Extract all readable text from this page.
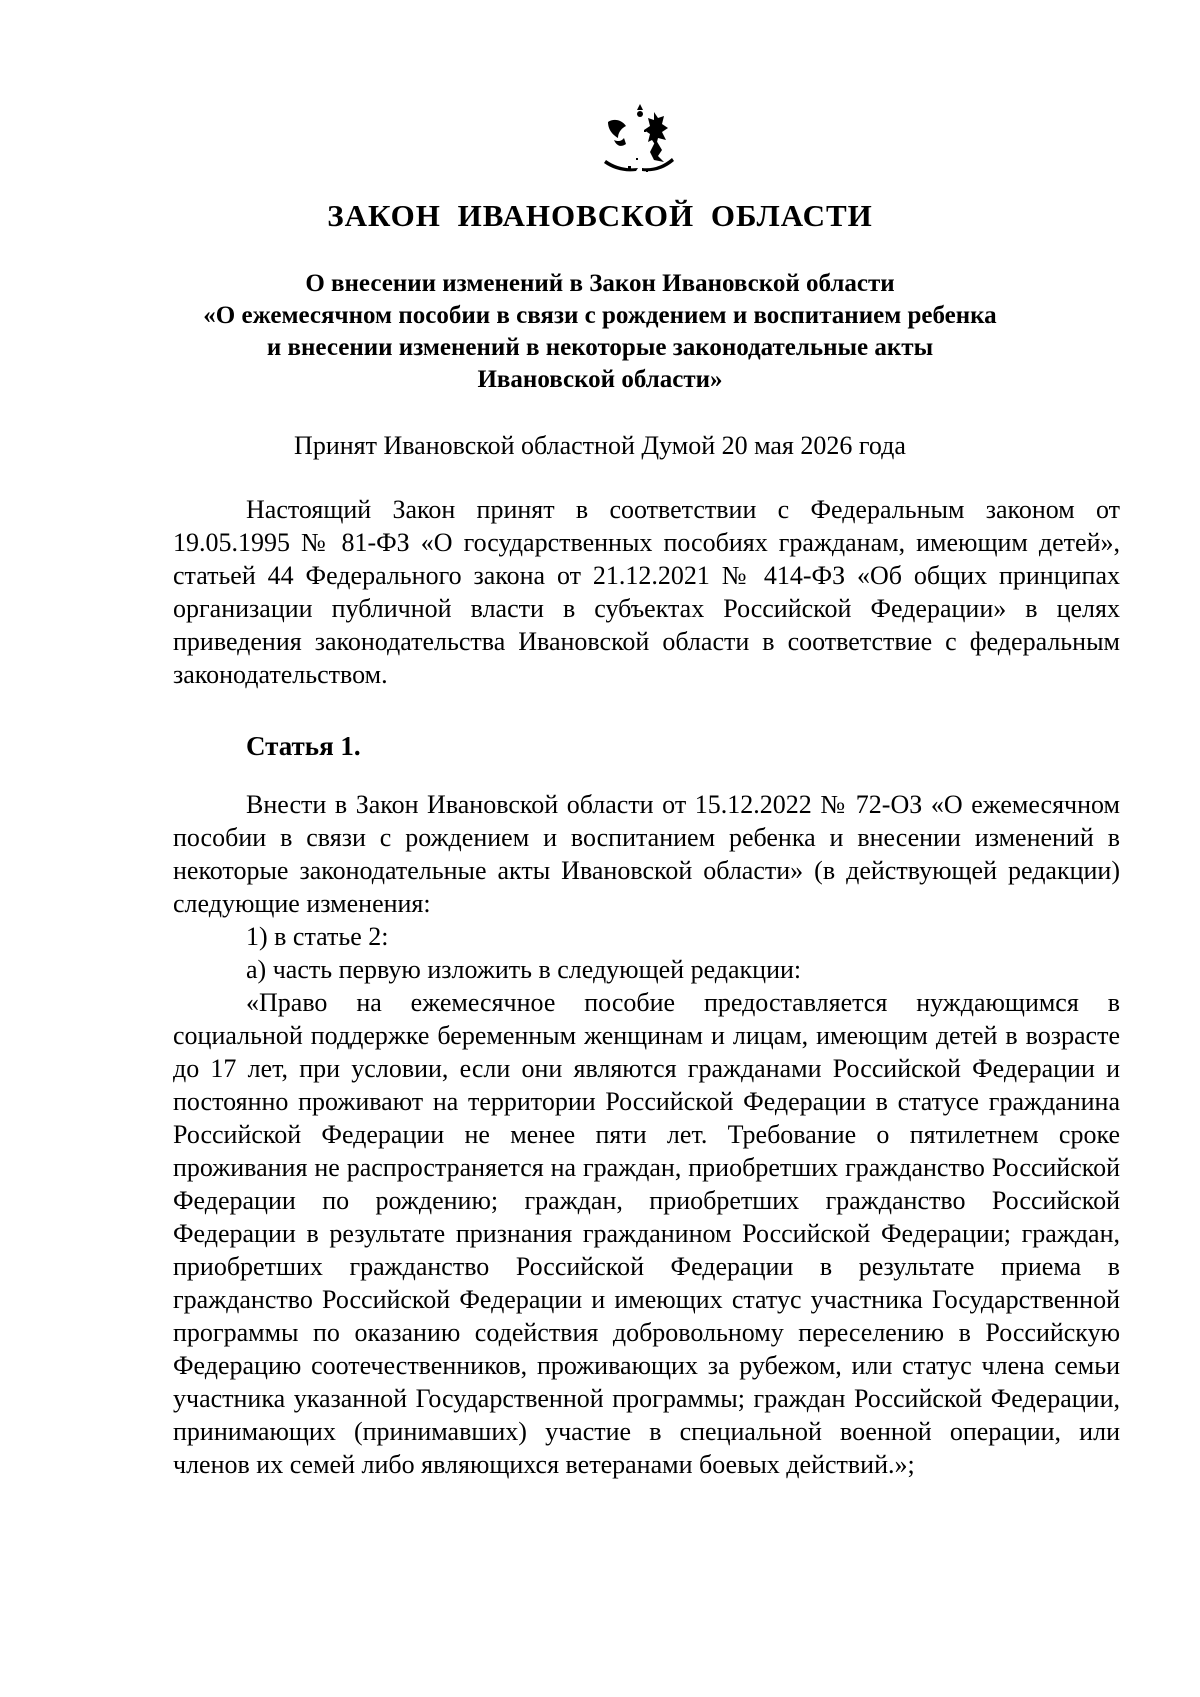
ЗАКОН ИВАНОВСКОЙ ОБЛАСТИ
О внесении изменений в Закон Ивановской области
«О ежемесячном пособии в связи с рождением и воспитанием ребенка
и внесении изменений в некоторые законодательные акты
Ивановской области»
Принят Ивановской областной Думой 20 мая 2026 года

Настоящий Закон принят в соответствии с Федеральным законом от 19.05.1995 № 81-ФЗ «О государственных пособиях гражданам, имеющим детей», статьей 44 Федерального закона от 21.12.2021 № 414-ФЗ «Об общих принципах организации публичной власти в субъектах Российской Федерации» в целях приведения законодательства Ивановской области в соответствие с федеральным законодательством.

Статья 1.

Внести в Закон Ивановской области от 15.12.2022 № 72-ОЗ «О ежемесячном пособии в связи с рождением и воспитанием ребенка и внесении изменений в некоторые законодательные акты Ивановской области» (в действующей редакции) следующие изменения:

1) в статье 2:

а) часть первую изложить в следующей редакции:

«Право на ежемесячное пособие предоставляется нуждающимся в социальной поддержке беременным женщинам и лицам, имеющим детей в возрасте до 17 лет, при условии, если они являются гражданами Российской Федерации и постоянно проживают на территории Российской Федерации в статусе гражданина Российской Федерации не менее пяти лет. Требование о пятилетнем сроке проживания не распространяется на граждан, приобретших гражданство Российской Федерации по рождению; граждан, приобретших гражданство Российской Федерации в результате признания гражданином Российской Федерации; граждан, приобретших гражданство Российской Федерации в результате приема в гражданство Российской Федерации и имеющих статус участника Государственной программы по оказанию содействия добровольному переселению в Российскую Федерацию соотечественников, проживающих за рубежом, или статус члена семьи участника указанной Государственной программы; граждан Российской Федерации, принимающих (принимавших) участие в специальной военной операции, или членов их семей либо являющихся ветеранами боевых действий.»;
